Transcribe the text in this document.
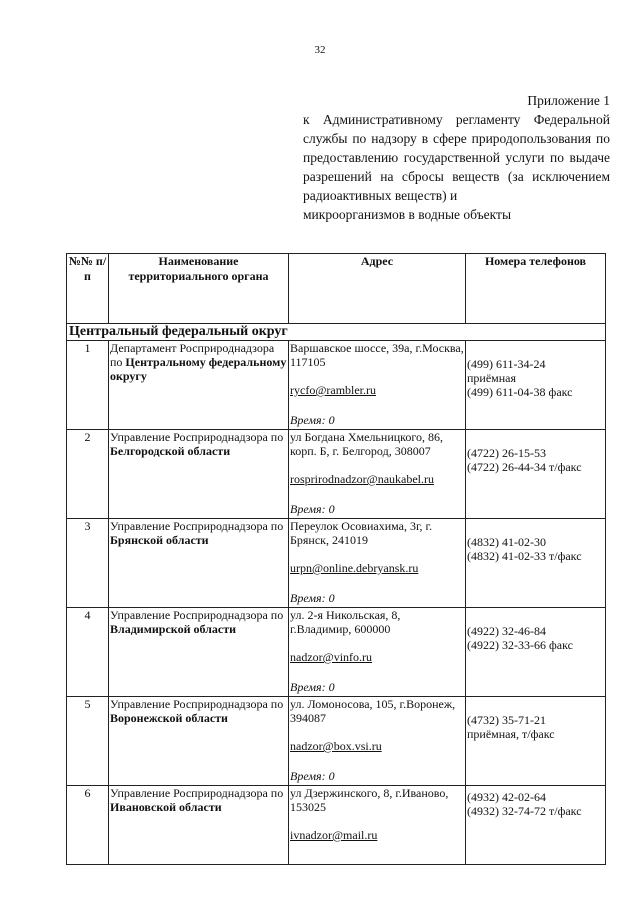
32
Приложение 1
к Административному регламенту Федеральной службы по надзору в сфере природопользования по предоставлению государственной услуги по выдаче разрешений на сбросы веществ (за исключением радиоактивных веществ) и
микроорганизмов в водные объекты
№№ п/п	Наименование территориального органа	Адрес	Номера телефонов
Центральный федеральный округ			
1	Департамент Росприроднадзора по Центральному федеральному округу	Варшавское шоссе, 39а, г.Москва, 117105
rycfo@rambler.ru
Время: 0	(499) 611-34-24
приёмная
(499) 611-04-38 факс

2	Управление Росприроднадзора по Белгородской области	ул Богдана Хмельницкого, 86, корп. Б, г. Белгород, 308007
rosprirodnadzor@naukabel.ru
Время: 0	(4722) 26-15-53
(4722) 26-44-34 т/факс

3	Управление Росприроднадзора по Брянской области	Переулок Осовиахима, 3г, г. Брянск, 241019
urpn@online.debryansk.ru
Время: 0	(4832) 41-02-30
(4832) 41-02-33 т/факс

4	Управление Росприроднадзора по Владимирской области	ул. 2-я Никольская, 8, г.Владимир, 600000
nadzor@vinfo.ru
Время: 0	(4922) 32-46-84
(4922) 32-33-66 факс

5	Управление Росприроднадзора по Воронежской области	ул. Ломоносова, 105, г.Воронеж, 394087
nadzor@box.vsi.ru
Время: 0	(4732) 35-71-21
приёмная, т/факс

6	Управление Росприроднадзора по Ивановской области	ул Дзержинского, 8, г.Иваново, 153025
ivnadzor@mail.ru	(4932) 42-02-64
(4932) 32-74-72 т/факс
